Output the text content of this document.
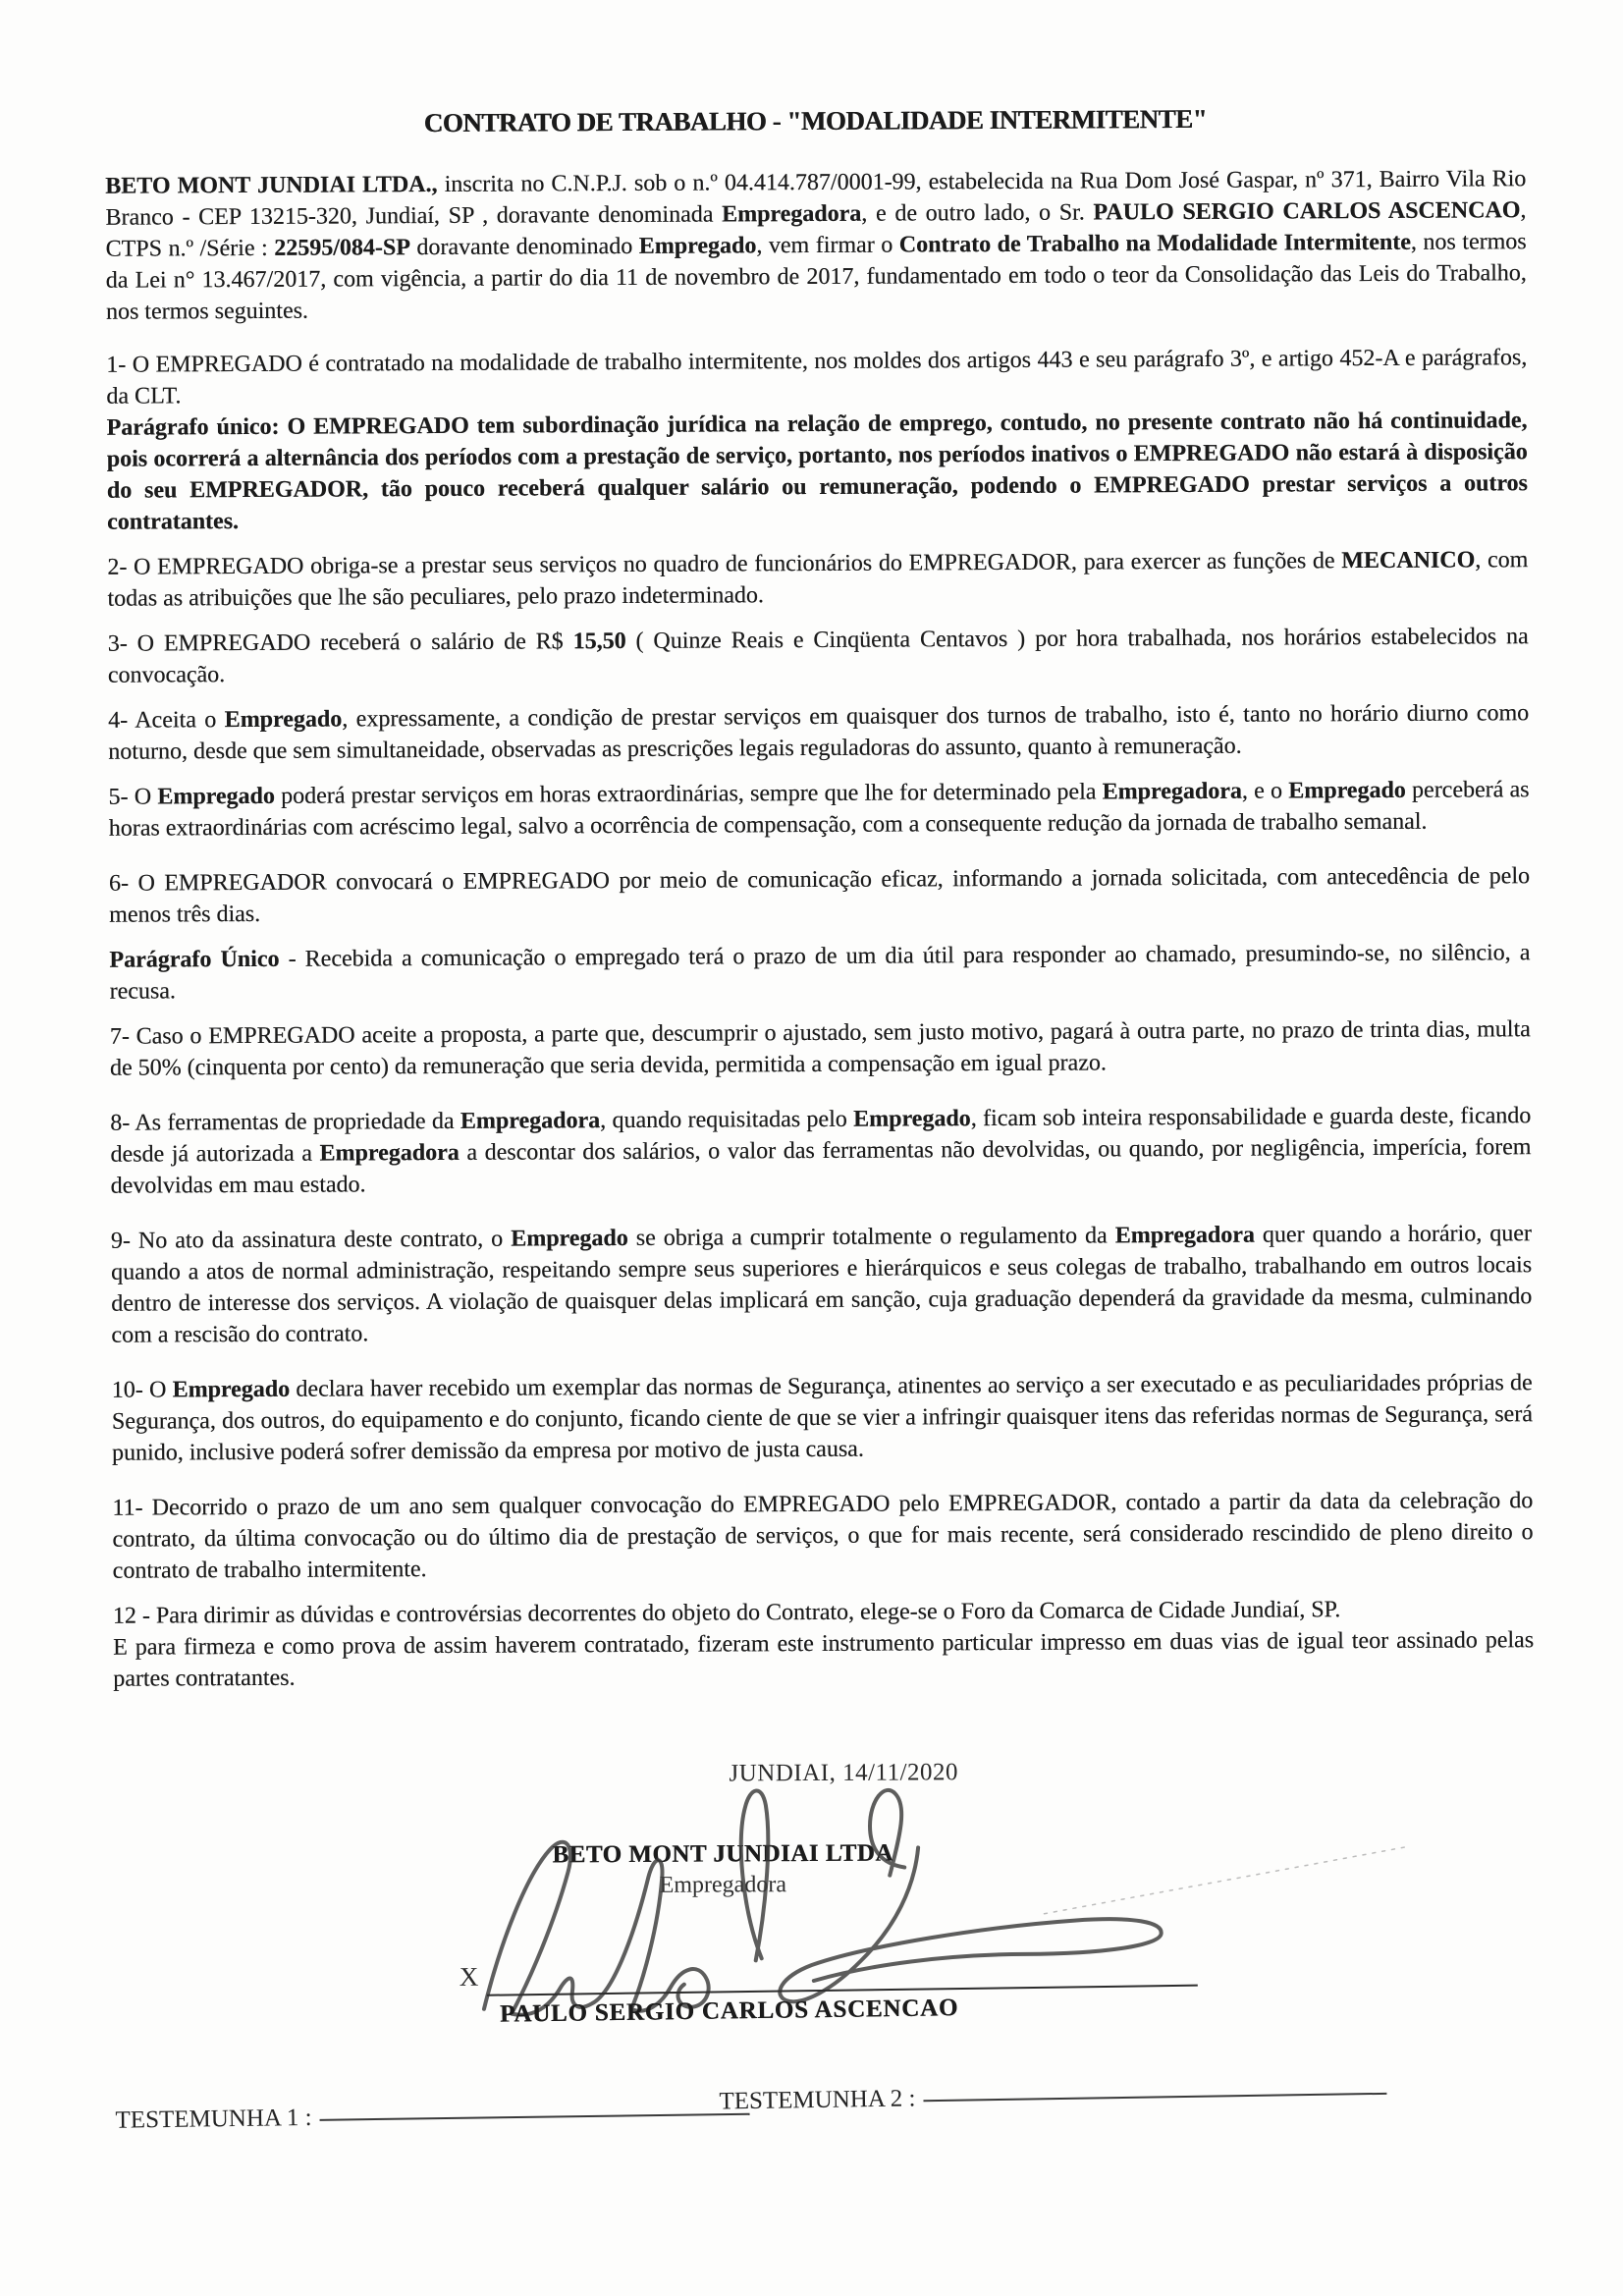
CONTRATO DE TRABALHO - "MODALIDADE INTERMITENTE"

BETO MONT JUNDIAI LTDA., inscrita no C.N.P.J. sob o n.º 04.414.787/0001-99, estabelecida na Rua Dom José Gaspar, nº 371, Bairro Vila Rio Branco - CEP 13215-320, Jundiaí, SP , doravante denominada Empregadora, e de outro lado, o Sr. PAULO SERGIO CARLOS ASCENCAO, CTPS n.º /Série : 22595/084-SP doravante denominado Empregado, vem firmar o Contrato de Trabalho na Modalidade Intermitente, nos termos da Lei n° 13.467/2017, com vigência, a partir do dia 11 de novembro de 2017, fundamentado em todo o teor da Consolidação das Leis do Trabalho, nos termos seguintes.

1- O EMPREGADO é contratado na modalidade de trabalho intermitente, nos moldes dos artigos 443 e seu parágrafo 3º, e artigo 452-A e parágrafos, da CLT.

Parágrafo único: O EMPREGADO tem subordinação jurídica na relação de emprego, contudo, no presente contrato não há continuidade, pois ocorrerá a alternância dos períodos com a prestação de serviço, portanto, nos períodos inativos o EMPREGADO não estará à disposição do seu EMPREGADOR, tão pouco receberá qualquer salário ou remuneração, podendo o EMPREGADO prestar serviços a outros contratantes.

2- O EMPREGADO obriga-se a prestar seus serviços no quadro de funcionários do EMPREGADOR, para exercer as funções de MECANICO, com todas as atribuições que lhe são peculiares, pelo prazo indeterminado.

3- O EMPREGADO receberá o salário de R$ 15,50 ( Quinze Reais e Cinqüenta Centavos ) por hora trabalhada, nos horários estabelecidos na convocação.

4- Aceita o Empregado, expressamente, a condição de prestar serviços em quaisquer dos turnos de trabalho, isto é, tanto no horário diurno como noturno, desde que sem simultaneidade, observadas as prescrições legais reguladoras do assunto, quanto à remuneração.

5- O Empregado poderá prestar serviços em horas extraordinárias, sempre que lhe for determinado pela Empregadora, e o Empregado perceberá as horas extraordinárias com acréscimo legal, salvo a ocorrência de compensação, com a consequente redução da jornada de trabalho semanal.

6- O EMPREGADOR convocará o EMPREGADO por meio de comunicação eficaz, informando a jornada solicitada, com antecedência de pelo menos três dias.

Parágrafo Único - Recebida a comunicação o empregado terá o prazo de um dia útil para responder ao chamado, presumindo-se, no silêncio, a recusa.

7- Caso o EMPREGADO aceite a proposta, a parte que, descumprir o ajustado, sem justo motivo, pagará à outra parte, no prazo de trinta dias, multa de 50% (cinquenta por cento) da remuneração que seria devida, permitida a compensação em igual prazo.

8- As ferramentas de propriedade da Empregadora, quando requisitadas pelo Empregado, ficam sob inteira responsabilidade e guarda deste, ficando desde já autorizada a Empregadora a descontar dos salários, o valor das ferramentas não devolvidas, ou quando, por negligência, imperícia, forem devolvidas em mau estado.

9- No ato da assinatura deste contrato, o Empregado se obriga a cumprir totalmente o regulamento da Empregadora quer quando a horário, quer quando a atos de normal administração, respeitando sempre seus superiores e hierárquicos e seus colegas de trabalho, trabalhando em outros locais dentro de interesse dos serviços. A violação de quaisquer delas implicará em sanção, cuja graduação dependerá da gravidade da mesma, culminando com a rescisão do contrato.

10- O Empregado declara haver recebido um exemplar das normas de Segurança, atinentes ao serviço a ser executado e as peculiaridades próprias de Segurança, dos outros, do equipamento e do conjunto, ficando ciente de que se vier a infringir quaisquer itens das referidas normas de Segurança, será punido, inclusive poderá sofrer demissão da empresa por motivo de justa causa.

11- Decorrido o prazo de um ano sem qualquer convocação do EMPREGADO pelo EMPREGADOR, contado a partir da data da celebração do contrato, da última convocação ou do último dia de prestação de serviços, o que for mais recente, será considerado rescindido de pleno direito o contrato de trabalho intermitente.

12 - Para dirimir as dúvidas e controvérsias decorrentes do objeto do Contrato, elege-se o Foro da Comarca de Cidade Jundiaí, SP.

E para firmeza e como prova de assim haverem contratado, fizeram este instrumento particular impresso em duas vias de igual teor assinado pelas partes contratantes.

JUNDIAI, 14/11/2020
BETO MONT JUNDIAI LTDA
Empregadora
X
PAULO SERGIO CARLOS ASCENCAO
TESTEMUNHA 1 :
TESTEMUNHA 2 :
